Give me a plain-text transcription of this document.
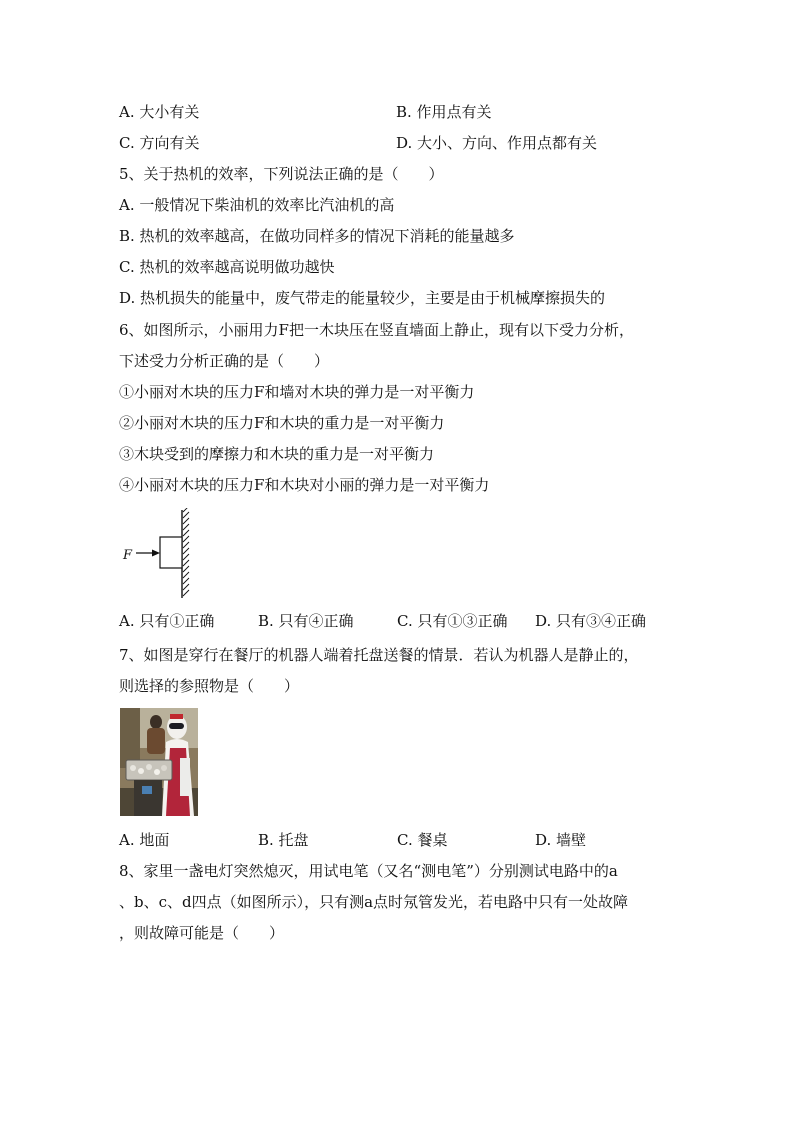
A. 大小有关	B. 作用点有关
C. 方向有关	D. 大小、方向、作用点都有关
5、关于热机的效率，下列说法正确的是（　　）
A. 一般情况下柴油机的效率比汽油机的高
B. 热机的效率越高，在做功同样多的情况下消耗的能量越多
C. 热机的效率越高说明做功越快
D. 热机损失的能量中，废气带走的能量较少，主要是由于机械摩擦损失的
6、如图所示，小丽用力F把一木块压在竖直墙面上静止，现有以下受力分析，
下述受力分析正确的是（　　）
①小丽对木块的压力F和墙对木块的弹力是一对平衡力
②小丽对木块的压力F和木块的重力是一对平衡力
③木块受到的摩擦力和木块的重力是一对平衡力
④小丽对木块的压力F和木块对小丽的弹力是一对平衡力
F
A. 只有①正确	B. 只有④正确	C. 只有①③正确 D. 只有③④正确
7、如图是穿行在餐厅的机器人端着托盘送餐的情景．若认为机器人是静止的，
则选择的参照物是（　　）
A. 地面	B. 托盘	C. 餐桌	D. 墙壁
8、家里一盏电灯突然熄灭，用试电笔（又名“测电笔”）分别测试电路中的a
、b、c、d四点（如图所示），只有测a点时氖管发光，若电路中只有一处故障
，则故障可能是（　　）
